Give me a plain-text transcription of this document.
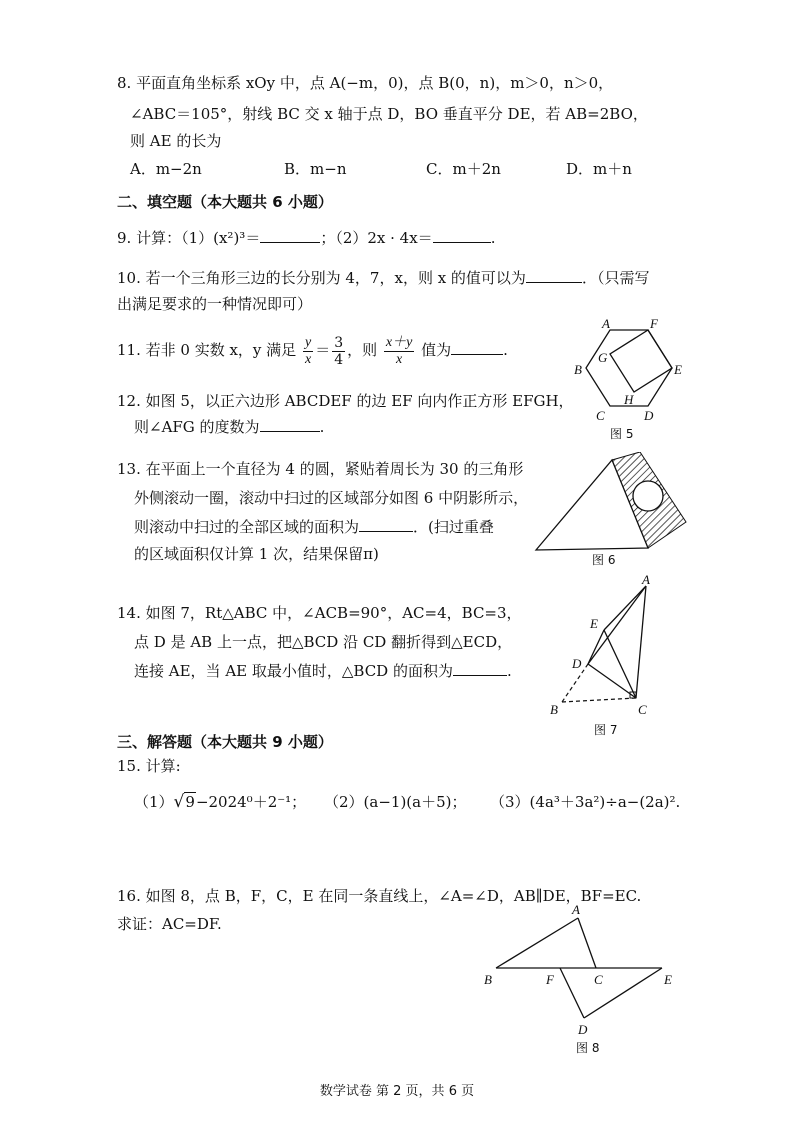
8. 平面直角坐标系 xOy 中，点 A(−m，0)，点 B(0，n)，m＞0，n＞0，
∠ABC＝105°，射线 BC 交 x 轴于点 D，BO 垂直平分 DE，若 AB=2BO，
则 AE 的长为
A．m−2n	B．m−n	C．m＋2n	D．m＋n
二、填空题（本大题共 6 小题）
9. 计算：（1）(x²)³＝	；（2）2x · 4x＝	.
10. 若一个三角形三边的长分别为 4，7，x，则 x 的值可以为	．（只需写
出满足要求的一种情况即可）
11. 若非 0 实数 x，y 满足 $\frac{y}{x} = \frac{3}{4}$ ，则 $\frac{x+y}{x}$ 值为	.
12. 如图 5，以正六边形 ABCDEF 的边 EF 向内作正方形 EFGH，
则∠AFG 的度数为	.
A	F
G
B	E
H
C	D
图 5
13. 在平面上一个直径为 4 的圆，紧贴着周长为 30 的三角形
外侧滚动一圈，滚动中扫过的区域部分如图 6 中阴影所示，
则滚动中扫过的全部区域的面积为	．(扫过重叠
的区域面积仅计算 1 次，结果保留π)	图 6
14. 如图 7，Rt△ABC 中，∠ACB=90°，AC=4，BC=3，
点 D 是 AB 上一点，把△BCD 沿 CD 翻折得到△ECD，
连接 AE，当 AE 取最小值时，△BCD 的面积为	.
A
E
D
B	C
图 7
三、解答题（本大题共 9 小题）
15. 计算:
（1）√9−2024⁰＋2⁻¹； （2）(a−1)(a＋5)； （3）(4a³＋3a²)÷a−(2a)².
16. 如图 8，点 B，F，C，E 在同一条直线上，∠A=∠D，AB∥DE，BF=EC.
求证：AC=DF.
A
B	F	C	E
D
图 8
数学试卷 第 2 页，共 6 页
